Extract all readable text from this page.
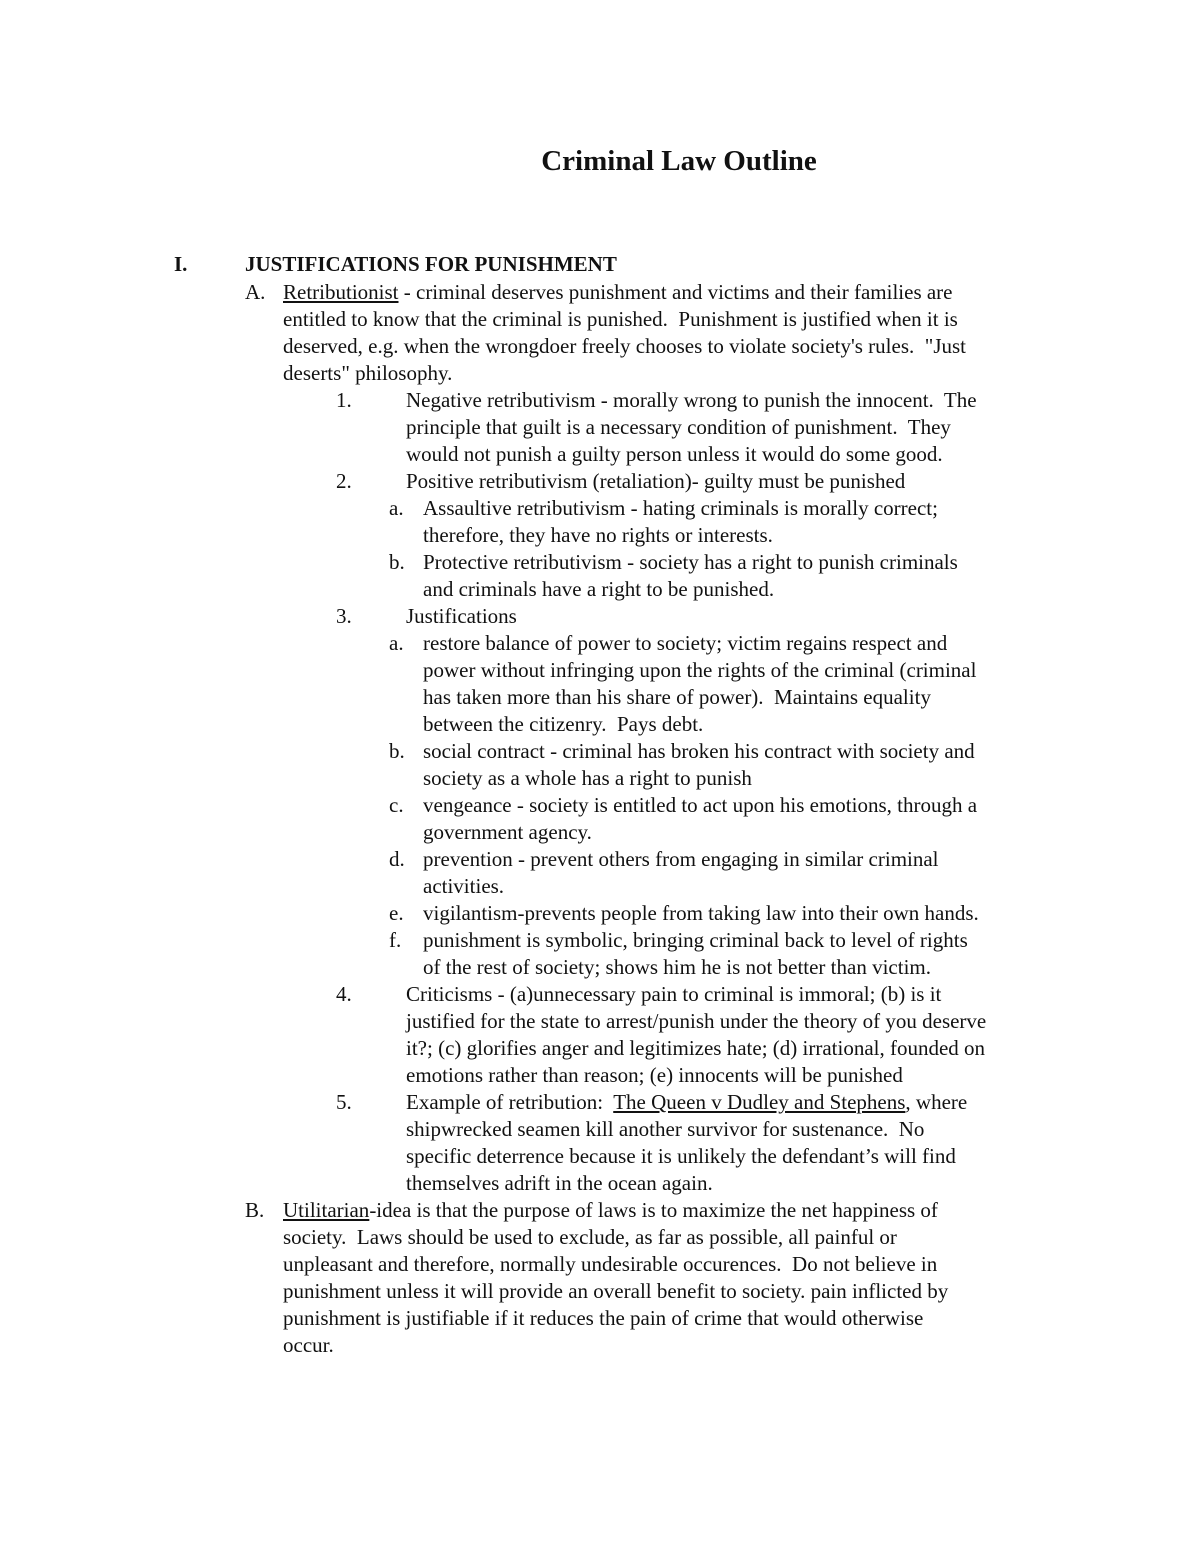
Criminal Law Outline
I.	JUSTIFICATIONS FOR PUNISHMENT
A. Retributionist - criminal deserves punishment and victims and their families are
entitled to know that the criminal is punished.  Punishment is justified when it is
deserved, e.g. when the wrongdoer freely chooses to violate society's rules.  "Just
deserts" philosophy.
1.	Negative retributivism - morally wrong to punish the innocent.  The
principle that guilt is a necessary condition of punishment.  They
would not punish a guilty person unless it would do some good.
2.	Positive retributivism (retaliation)- guilty must be punished
a. Assaultive retributivism - hating criminals is morally correct;
therefore, they have no rights or interests.
b. Protective retributivism - society has a right to punish criminals
and criminals have a right to be punished.
3.	Justifications
a. restore balance of power to society; victim regains respect and
power without infringing upon the rights of the criminal (criminal
has taken more than his share of power).  Maintains equality
between the citizenry.  Pays debt.
b. social contract - criminal has broken his contract with society and
society as a whole has a right to punish
c. vengeance - society is entitled to act upon his emotions, through a
government agency.
d. prevention - prevent others from engaging in similar criminal
activities.
e. vigilantism-prevents people from taking law into their own hands.
f. punishment is symbolic, bringing criminal back to level of rights
of the rest of society; shows him he is not better than victim.
4.	Criticisms - (a)unnecessary pain to criminal is immoral; (b) is it
justified for the state to arrest/punish under the theory of you deserve
it?; (c) glorifies anger and legitimizes hate; (d) irrational, founded on
emotions rather than reason; (e) innocents will be punished
5.	Example of retribution:  The Queen v Dudley and Stephens, where
shipwrecked seamen kill another survivor for sustenance.  No
specific deterrence because it is unlikely the defendant’s will find
themselves adrift in the ocean again.
B. Utilitarian-idea is that the purpose of laws is to maximize the net happiness of
society.  Laws should be used to exclude, as far as possible, all painful or
unpleasant and therefore, normally undesirable occurences.  Do not believe in
punishment unless it will provide an overall benefit to society. pain inflicted by
punishment is justifiable if it reduces the pain of crime that would otherwise
occur.
